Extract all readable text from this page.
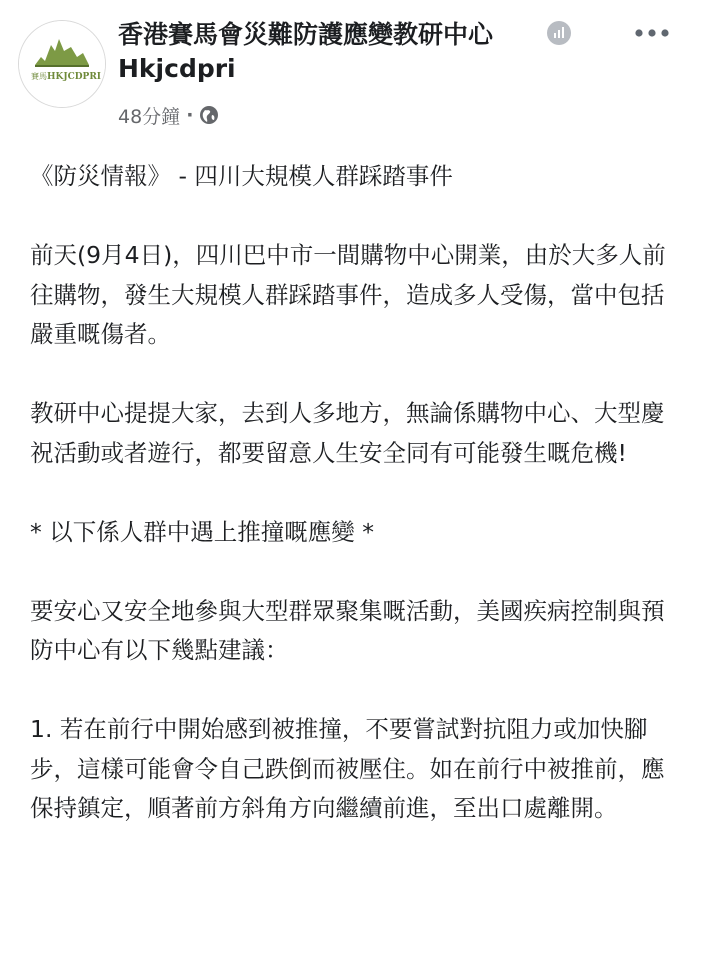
賽馬 HKJCDPRI
香港賽馬會災難防護應變教研中心 Hkjcdpri
48分鐘 ·

《防災情報》 - 四川大規模人群踩踏事件

前天(9月4日)，四川巴中市一間購物中心開業，由於大多人前往購物，發生大規模人群踩踏事件，造成多人受傷，當中包括嚴重嘅傷者。

教研中心提提大家，去到人多地方，無論係購物中心、大型慶祝活動或者遊行，都要留意人生安全同有可能發生嘅危機!

* 以下係人群中遇上推撞嘅應變 *

要安心又安全地參與大型群眾聚集嘅活動，美國疾病控制與預防中心有以下幾點建議：

1. 若在前行中開始感到被推撞，不要嘗試對抗阻力或加快腳步，這樣可能會令自己跌倒而被壓住。如在前行中被推前，應保持鎮定，順著前方斜角方向繼續前進，至出口處離開。
